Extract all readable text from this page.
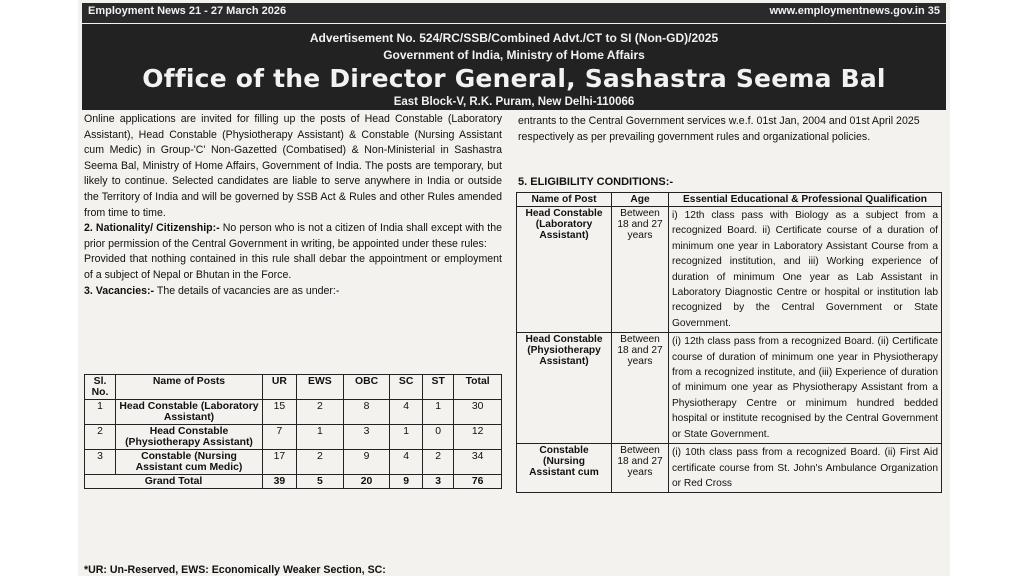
Employment News 21 - 27 March 2026	www.employmentnews.gov.in 35
Advertisement No. 524/RC/SSB/Combined Advt./CT to SI (Non-GD)/2025
Government of India, Ministry of Home Affairs
Office of the Director General, Sashastra Seema Bal
East Block-V, R.K. Puram, New Delhi-110066

Online applications are invited for filling up the posts of Head Constable (Laboratory Assistant), Head Constable (Physiotherapy Assistant) & Constable (Nursing Assistant cum Medic) in Group-'C' Non-Gazetted (Combatised) & Non-Ministerial in Sashastra Seema Bal, Ministry of Home Affairs, Government of India. The posts are temporary, but likely to continue. Selected candidates are liable to serve anywhere in India or outside the Territory of India and will be governed by SSB Act & Rules and other Rules amended from time to time.

2. Nationality/ Citizenship:- No person who is not a citizen of India shall except with the prior permission of the Central Government in writing, be appointed under these rules:

Provided that nothing contained in this rule shall debar the appointment or employment of a subject of Nepal or Bhutan in the Force.

3. Vacancies:- The details of vacancies are as under:-

Sl. No.	Name of Posts	UR	EWS	OBC	SC	ST	Total
1	Head Constable (Laboratory Assistant)	15	2	8	4	1	30
2	Head Constable (Physiotherapy Assistant)	7	1	3	1	0	12
3	Constable (Nursing Assistant cum Medic)	17	2	9	4	2	34
Grand Total		39	5	20	9	3	76
*UR: Un-Reserved, EWS: Economically Weaker Section, SC:

entrants to the Central Government services w.e.f. 01st Jan, 2004 and 01st April 2025 respectively as per prevailing government rules and organizational policies.

5. ELIGIBILITY CONDITIONS:-
Name of Post	Age	Essential Educational & Professional Qualification
Head Constable (Laboratory Assistant)	Between 18 and 27 years	i) 12th class pass with Biology as a subject from a recognized Board. ii) Certificate course of a duration of minimum one year in Laboratory Assistant Course from a recognized institution, and iii) Working experience of duration of minimum One year as Lab Assistant in Laboratory Diagnostic Centre or hospital or institution lab recognized by the Central Government or State Government.
Head Constable (Physiotherapy Assistant)	Between 18 and 27 years	(i) 12th class pass from a recognized Board. (ii) Certificate course of duration of minimum one year in Physiotherapy from a recognized institute, and (iii) Experience of duration of minimum one year as Physiotherapy Assistant from a Physiotherapy Centre or minimum hundred bedded hospital or institute recognised by the Central Government or State Government.
Constable (Nursing Assistant cum	Between 18 and 27 years	(i) 10th class pass from a recognized Board. (ii) First Aid certificate course from St. John's Ambulance Organization or Red Cross
